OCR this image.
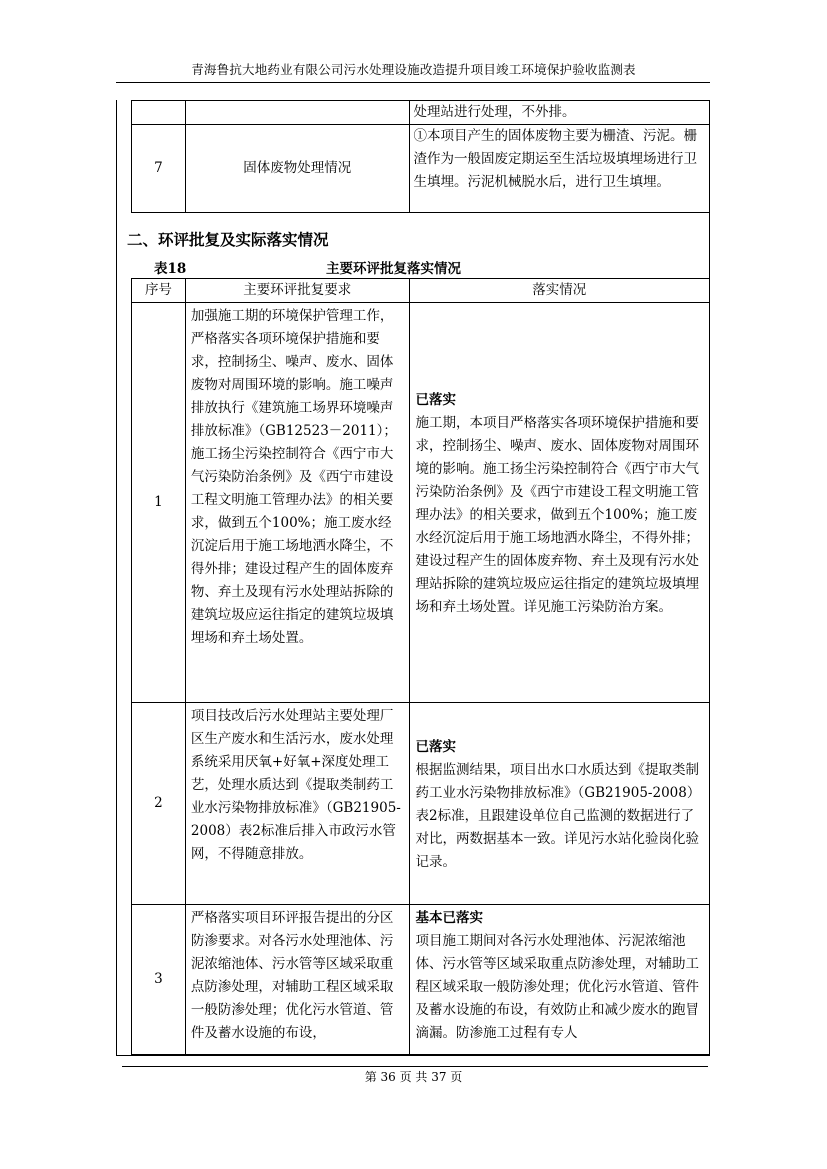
青海鲁抗大地药业有限公司污水处理设施改造提升项目竣工环境保护验收监测表
		处理站进行处理，不外排。
7	固体废物处理情况	①本项目产生的固体废物主要为栅渣、污泥。栅渣作为一般固废定期运至生活垃圾填埋场进行卫生填埋。污泥机械脱水后，进行卫生填埋。
二、环评批复及实际落实情况
表18	主要环评批复落实情况
序号	主要环评批复要求	落实情况
1	加强施工期的环境保护管理工作，严格落实各项环境保护措施和要求，控制扬尘、噪声、废水、固体废物对周围环境的影响。施工噪声排放执行《建筑施工场界环境噪声　排放标准》（GB12523－2011）；施工扬尘污染控制符合《西宁市大气污染防治条例》及《西宁市建设工程文明施工管理办法》的相关要求，做到五个100%；施工废水经沉淀后用于施工场地洒水降尘，不得外排；建设过程产生的固体废弃物、弃土及现有污水处理站拆除的建筑垃圾应运往指定的建筑垃圾填埋场和弃土场处置。	已落实
施工期，本项目严格落实各项环境保护措施和要求，控制扬尘、噪声、废水、固体废物对周围环境的影响。施工扬尘污染控制符合《西宁市大气污染防治条例》及《西宁市建设工程文明施工管理办法》的相关要求，做到五个100%；施工废水经沉淀后用于施工场地洒水降尘，不得外排；建设过程产生的固体废弃物、弃土及现有污水处理站拆除的建筑垃圾应运往指定的建筑垃圾填埋场和弃土场处置。详见施工污染防治方案。
2	项目技改后污水处理站主要处理厂区生产废水和生活污水，废水处理系统采用厌氧+好氧+深度处理工艺，处理水质达到《提取类制药工业水污染物排放标准》（GB21905-2008）表2标准后排入市政污水管网，不得随意排放。	已落实
根据监测结果，项目出水口水质达到《提取类制药工业水污染物排放标准》（GB21905-2008）表2标准，且跟建设单位自己监测的数据进行了对比，两数据基本一致。详见污水站化验岗化验记录。
3	严格落实项目环评报告提出的分区防渗要求。对各污水处理池体、污泥浓缩池体、污水管等区域采取重点防渗处理，对辅助工程区域采取一般防渗处理；优化污水管道、管件及蓄水设施的布设，	基本已落实
项目施工期间对各污水处理池体、污泥浓缩池体、污水管等区域采取重点防渗处理，对辅助工程区域采取一般防渗处理；优化污水管道、管件及蓄水设施的布设，有效防止和减少废水的跑冒滴漏。防渗施工过程有专人
第 36 页 共 37 页
